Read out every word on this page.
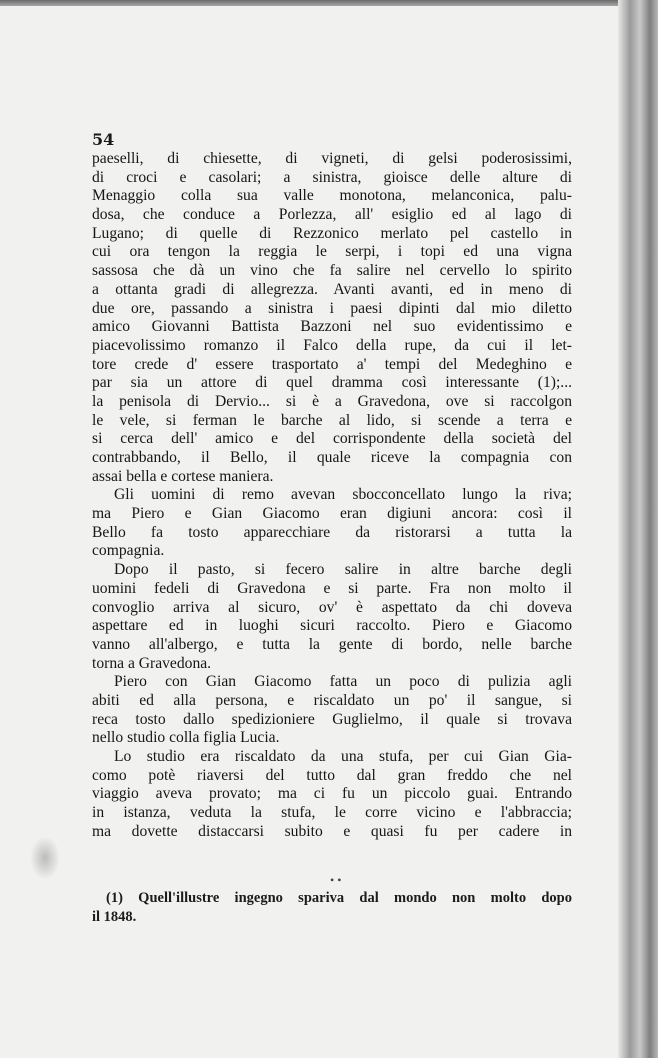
54
paeselli, di chiesette, di vigneti, di gelsi poderosissimi,
di croci e casolari; a sinistra, gioisce delle alture di
Menaggio colla sua valle monotona, melanconica, palu-
dosa, che conduce a Porlezza, all' esiglio ed al lago di
Lugano; di quelle di Rezzonico merlato pel castello in
cui ora tengon la reggia le serpi, i topi ed una vigna
sassosa che dà un vino che fa salire nel cervello lo spirito
a ottanta gradi di allegrezza. Avanti avanti, ed in meno di
due ore, passando a sinistra i paesi dipinti dal mio diletto
amico Giovanni Battista Bazzoni nel suo evidentissimo e
piacevolissimo romanzo il Falco della rupe, da cui il let-
tore crede d' essere trasportato a' tempi del Medeghino e
par sia un attore di quel dramma così interessante (1);...
la penisola di Dervio... si è a Gravedona, ove si raccolgon
le vele, si ferman le barche al lido, si scende a terra e
si cerca dell' amico e del corrispondente della società del
contrabbando, il Bello, il quale riceve la compagnia con
assai bella e cortese maniera.
Gli uomini di remo avevan sbocconcellato lungo la riva;
ma Piero e Gian Giacomo eran digiuni ancora: così il
Bello fa tosto apparecchiare da ristorarsi a tutta la
compagnia.
Dopo il pasto, si fecero salire in altre barche degli
uomini fedeli di Gravedona e si parte. Fra non molto il
convoglio arriva al sicuro, ov' è aspettato da chi doveva
aspettare ed in luoghi sicuri raccolto. Piero e Giacomo
vanno all'albergo, e tutta la gente di bordo, nelle barche
torna a Gravedona.
Piero con Gian Giacomo fatta un poco di pulizia agli
abiti ed alla persona, e riscaldato un po' il sangue, si
reca tosto dallo spedizioniere Guglielmo, il quale si trovava
nello studio colla figlia Lucia.
Lo studio era riscaldato da una stufa, per cui Gian Gia-
como potè riaversi del tutto dal gran freddo che nel
viaggio aveva provato; ma ci fu un piccolo guai. Entrando
in istanza, veduta la stufa, le corre vicino e l'abbraccia;
ma dovette distaccarsi subito e quasi fu per cadere in
• •
(1) Quell'illustre ingegno spariva dal mondo non molto dopo
il 1848.
